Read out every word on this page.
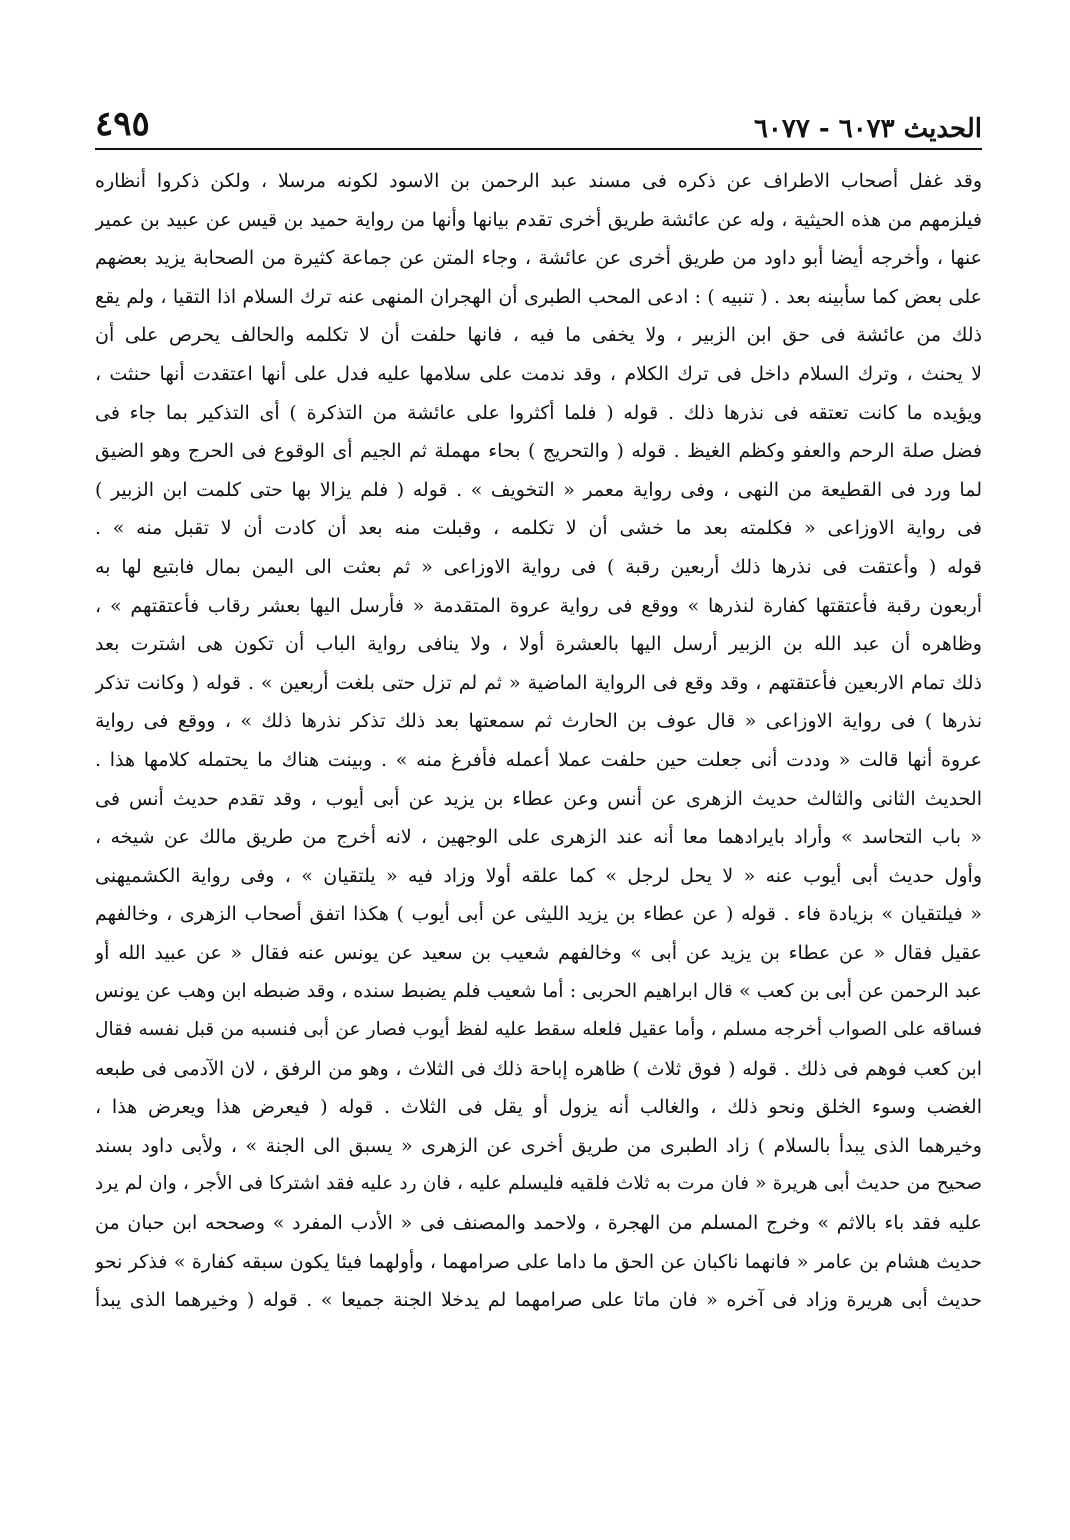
الحديث ٦٠٧٣ - ٦٠٧٧
٤٩٥
وقد غفل أصحاب الاطراف عن ذكره فى مسند عبد الرحمن بن الاسود لكونه مرسلا ، ولكن ذكروا أنظاره
فيلزمهم من هذه الحيثية ، وله عن عائشة طريق أخرى تقدم بيانها وأنها من رواية حميد بن قيس عن عبيد بن عمير
عنها ، وأخرجه أيضا أبو داود من طريق أخرى عن عائشة ، وجاء المتن عن جماعة كثيرة من الصحابة يزيد بعضهم
على بعض كما سأبينه بعد . ( تنبيه ) : ادعى المحب الطبرى أن الهجران المنهى عنه ترك السلام اذا التقيا ، ولم يقع
ذلك من عائشة فى حق ابن الزبير ، ولا يخفى ما فيه ، فانها حلفت أن لا تكلمه والحالف يحرص على أن
لا يحنث ، وترك السلام داخل فى ترك الكلام ، وقد ندمت على سلامها عليه فدل على أنها اعتقدت أنها حنثت ،
ويؤيده ما كانت تعتقه فى نذرها ذلك . قوله ( فلما أكثروا على عائشة من التذكرة ) أى التذكير بما جاء فى
فضل صلة الرحم والعفو وكظم الغيظ . قوله ( والتحريج ) بحاء مهملة ثم الجيم أى الوقوع فى الحرج وهو الضيق
لما ورد فى القطيعة من النهى ، وفى رواية معمر « التخويف » . قوله ( فلم يزالا بها حتى كلمت ابن الزبير )
فى رواية الاوزاعى « فكلمته بعد ما خشى أن لا تكلمه ، وقبلت منه بعد أن كادت أن لا تقبل منه » .
قوله ( وأعتقت فى نذرها ذلك أربعين رقبة ) فى رواية الاوزاعى « ثم بعثت الى اليمن بمال فابتيع لها به
أربعون رقبة فأعتقتها كفارة لنذرها » ووقع فى رواية عروة المتقدمة « فأرسل اليها بعشر رقاب فأعتقتهم » ،
وظاهره أن عبد الله بن الزبير أرسل اليها بالعشرة أولا ، ولا ينافى رواية الباب أن تكون هى اشترت بعد
ذلك تمام الاربعين فأعتقتهم ، وقد وقع فى الرواية الماضية « ثم لم تزل حتى بلغت أربعين » . قوله ( وكانت تذكر
نذرها ) فى رواية الاوزاعى « قال عوف بن الحارث ثم سمعتها بعد ذلك تذكر نذرها ذلك » ، ووقع فى رواية
عروة أنها قالت « وددت أنى جعلت حين حلفت عملا أعمله فأفرغ منه » . وبينت هناك ما يحتمله كلامها هذا .
الحديث الثانى والثالث حديث الزهرى عن أنس وعن عطاء بن يزيد عن أبى أيوب ، وقد تقدم حديث أنس فى
« باب التحاسد » وأراد بايرادهما معا أنه عند الزهرى على الوجهين ، لانه أخرج من طريق مالك عن شيخه ،
وأول حديث أبى أيوب عنه « لا يحل لرجل » كما علقه أولا وزاد فيه « يلتقيان » ، وفى رواية الكشميهنى
« فيلتقيان » بزيادة فاء . قوله ( عن عطاء بن يزيد الليثى عن أبى أيوب ) هكذا اتفق أصحاب الزهرى ، وخالفهم
عقيل فقال « عن عطاء بن يزيد عن أبى » وخالفهم شعيب بن سعيد عن يونس عنه فقال « عن عبيد الله أو
عبد الرحمن عن أبى بن كعب » قال ابراهيم الحربى : أما شعيب فلم يضبط سنده ، وقد ضبطه ابن وهب عن يونس
فساقه على الصواب أخرجه مسلم ، وأما عقيل فلعله سقط عليه لفظ أيوب فصار عن أبى فنسبه من قبل نفسه فقال
ابن كعب فوهم فى ذلك . قوله ( فوق ثلاث ) ظاهره إباحة ذلك فى الثلاث ، وهو من الرفق ، لان الآدمى فى طبعه
الغضب وسوء الخلق ونحو ذلك ، والغالب أنه يزول أو يقل فى الثلاث . قوله ( فيعرض هذا ويعرض هذا ،
وخيرهما الذى يبدأ بالسلام ) زاد الطبرى من طريق أخرى عن الزهرى « يسبق الى الجنة » ، ولأبى داود بسند
صحيح من حديث أبى هريرة « فان مرت به ثلاث فلقيه فليسلم عليه ، فان رد عليه فقد اشتركا فى الأجر ، وان لم يرد
عليه فقد باء بالاثم » وخرج المسلم من الهجرة ، ولاحمد والمصنف فى « الأدب المفرد » وصححه ابن حبان من
حديث هشام بن عامر « فانهما ناكبان عن الحق ما داما على صرامهما ، وأولهما فيئا يكون سبقه كفارة » فذكر نحو
حديث أبى هريرة وزاد فى آخره « فان ماتا على صرامهما لم يدخلا الجنة جميعا » . قوله ( وخيرهما الذى يبدأ
